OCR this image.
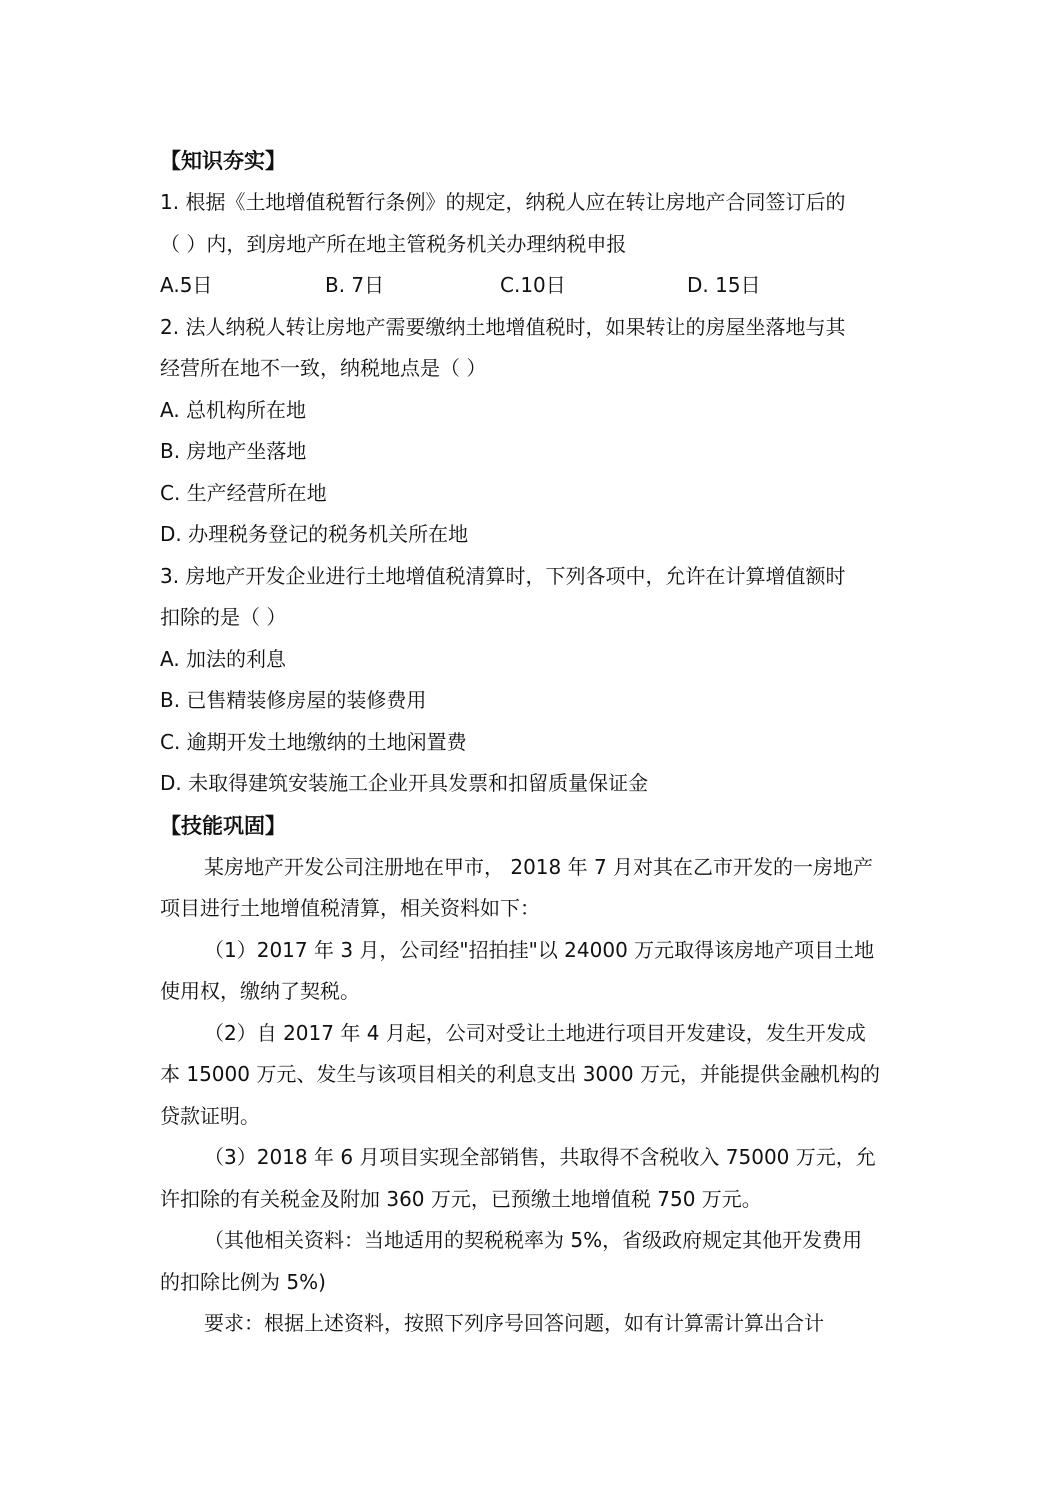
【知识夯实】
1. 根据《土地增值税暂行条例》的规定，纳税人应在转让房地产合同签订后的
（ ）内，到房地产所在地主管税务机关办理纳税申报
A.5日	B. 7日	C.10日	D. 15日
2. 法人纳税人转让房地产需要缴纳土地增值税时，如果转让的房屋坐落地与其
经营所在地不一致，纳税地点是（ ）
A. 总机构所在地
B. 房地产坐落地
C. 生产经营所在地
D. 办理税务登记的税务机关所在地
3. 房地产开发企业进行土地增值税清算时，下列各项中，允许在计算增值额时
扣除的是（ ）
A. 加法的利息
B. 已售精装修房屋的装修费用
C. 逾期开发土地缴纳的土地闲置费
D. 未取得建筑安装施工企业开具发票和扣留质量保证金
【技能巩固】
某房地产开发公司注册地在甲市， 2018 年 7 月对其在乙市开发的一房地产
项目进行土地增值税清算，相关资料如下：
（1）2017 年 3 月，公司经"招拍挂"以 24000 万元取得该房地产项目土地
使用权，缴纳了契税。
（2）自 2017 年 4 月起，公司对受让土地进行项目开发建设，发生开发成
本 15000 万元、发生与该项目相关的利息支出 3000 万元，并能提供金融机构的
贷款证明。
（3）2018 年 6 月项目实现全部销售，共取得不含税收入 75000 万元，允
许扣除的有关税金及附加 360 万元，已预缴土地增值税 750 万元。
（其他相关资料：当地适用的契税税率为 5%，省级政府规定其他开发费用
的扣除比例为 5%)
要求：根据上述资料，按照下列序号回答问题，如有计算需计算出合计
